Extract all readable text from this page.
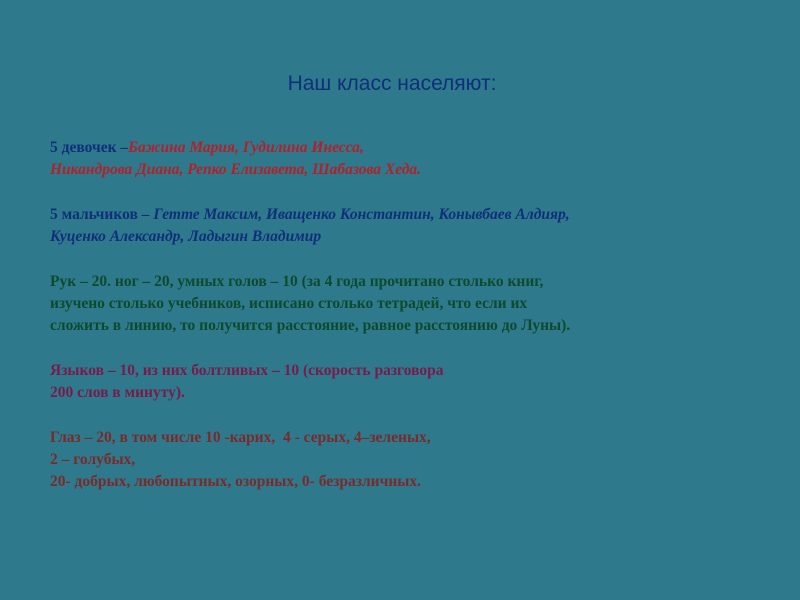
Наш класс населяют:
5 девочек –Бажина Мария, Гудилина Инесса,
Никандрова Диана, Репко Елизавета, Шабазова Хеда.
5 мальчиков – Гетте Максим, Иващенко Константин, Конывбаев Алдияр,
Куценко Александр, Ладыгин Владимир
Рук – 20. ног – 20, умных голов – 10 (за 4 года прочитано столько книг,
изучено столько учебников, исписано столько тетрадей, что если их
сложить в линию, то получится расстояние, равное расстоянию до Луны).
Языков – 10, из них болтливых – 10 (скорость разговора
200 слов в минуту).
Глаз – 20, в том числе 10 -карих,  4 - серых, 4–зеленых,
2 – голубых,
20- добрых, любопытных, озорных, 0- безразличных.
